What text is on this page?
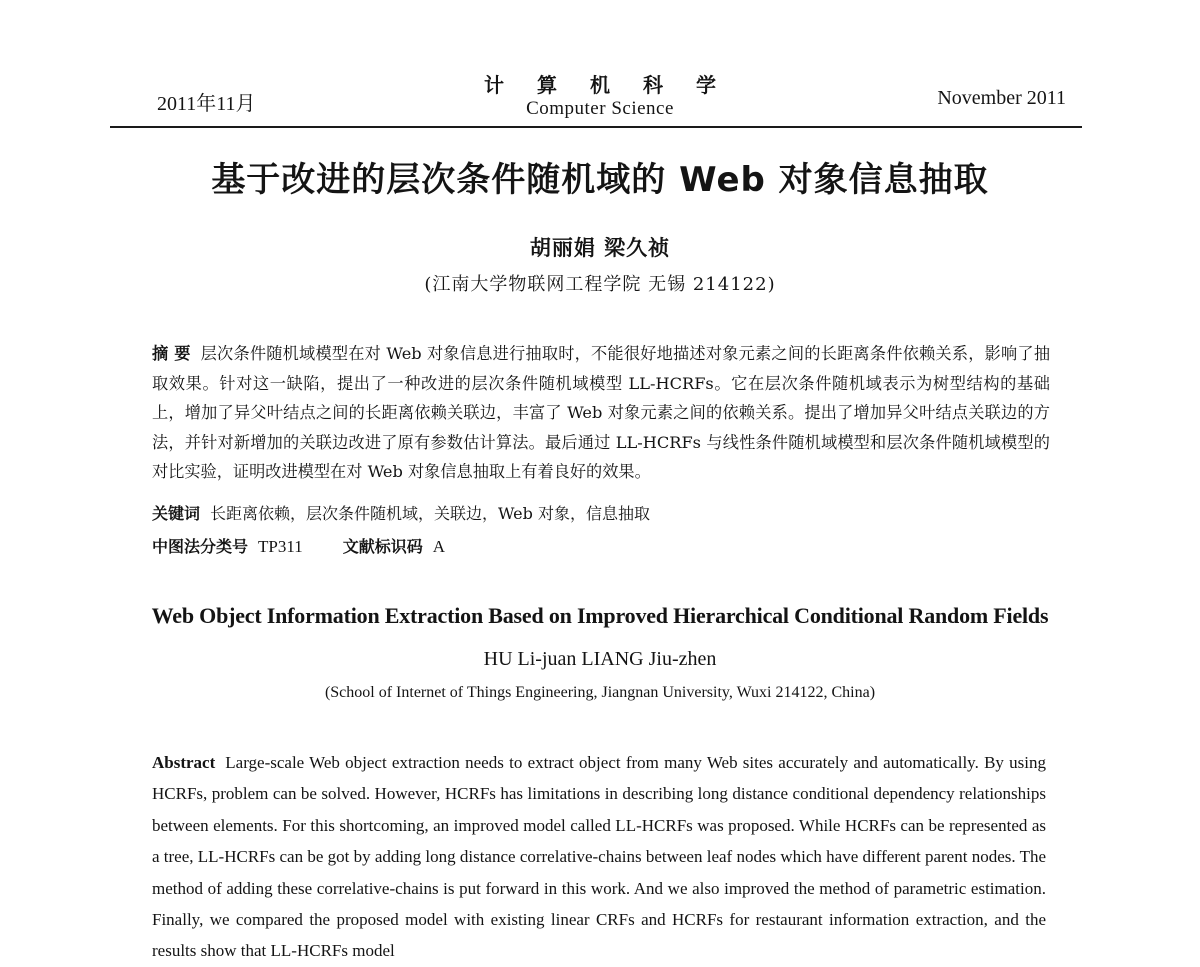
2011年11月
计 算 机 科 学
Computer Science	November 2011
基于改进的层次条件随机域的 Web 对象信息抽取
胡丽娟 梁久祯
(江南大学物联网工程学院 无锡 214122)
摘 要 层次条件随机域模型在对 Web 对象信息进行抽取时，不能很好地描述对象元素之间的长距离条件依赖关系，影响了抽取效果。针对这一缺陷，提出了一种改进的层次条件随机域模型 LL-HCRFs。它在层次条件随机域表示为树型结构的基础上，增加了异父叶结点之间的长距离依赖关联边，丰富了 Web 对象元素之间的依赖关系。提出了增加异父叶结点关联边的方法，并针对新增加的关联边改进了原有参数估计算法。最后通过 LL-HCRFs 与线性条件随机域模型和层次条件随机域模型的对比实验，证明改进模型在对 Web 对象信息抽取上有着良好的效果。
关键词 长距离依赖，层次条件随机域，关联边，Web 对象，信息抽取
中图法分类号 TP311	文献标识码 A
Web Object Information Extraction Based on Improved Hierarchical Conditional Random Fields
HU Li-juan LIANG Jiu-zhen
(School of Internet of Things Engineering, Jiangnan University, Wuxi 214122, China)
Abstract Large-scale Web object extraction needs to extract object from many Web sites accurately and automatically. By using HCRFs, problem can be solved. However, HCRFs has limitations in describing long distance conditional dependency relationships between elements. For this shortcoming, an improved model called LL-HCRFs was proposed. While HCRFs can be represented as a tree, LL-HCRFs can be got by adding long distance correlative-chains between leaf nodes which have different parent nodes. The method of adding these correlative-chains is put forward in this work. And we also improved the method of parametric estimation. Finally, we compared the proposed model with existing linear CRFs and HCRFs for restaurant information extraction, and the results show that LL-HCRFs model
